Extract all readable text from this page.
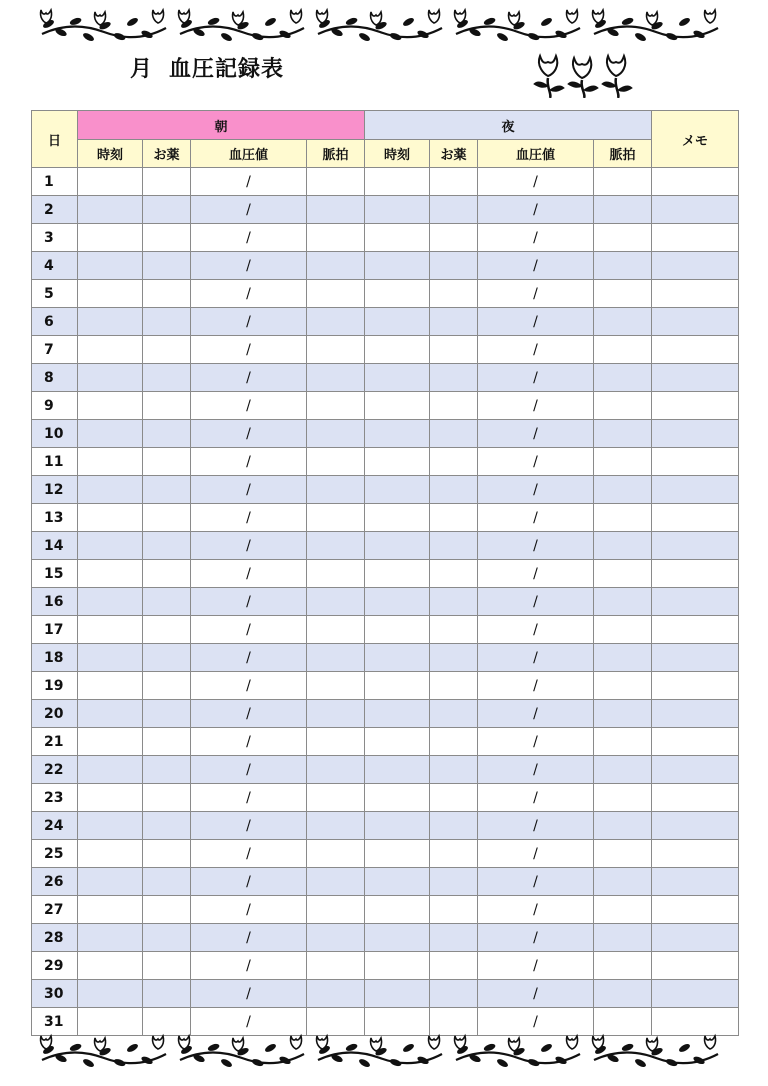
月 血圧記録表
日	朝				夜				メモ
	時刻	お薬	血圧値	脈拍	時刻	お薬	血圧値	脈拍	
1			/				/		
2			/				/		
3			/				/		
4			/				/		
5			/				/		
6			/				/		
7			/				/		
8			/				/		
9			/				/		
10			/				/		
11			/				/		
12			/				/		
13			/				/		
14			/				/		
15			/				/		
16			/				/		
17			/				/		
18			/				/		
19			/				/		
20			/				/		
21			/				/		
22			/				/		
23			/				/		
24			/				/		
25			/				/		
26			/				/		
27			/				/		
28			/				/		
29			/				/		
30			/				/		
31			/				/		
